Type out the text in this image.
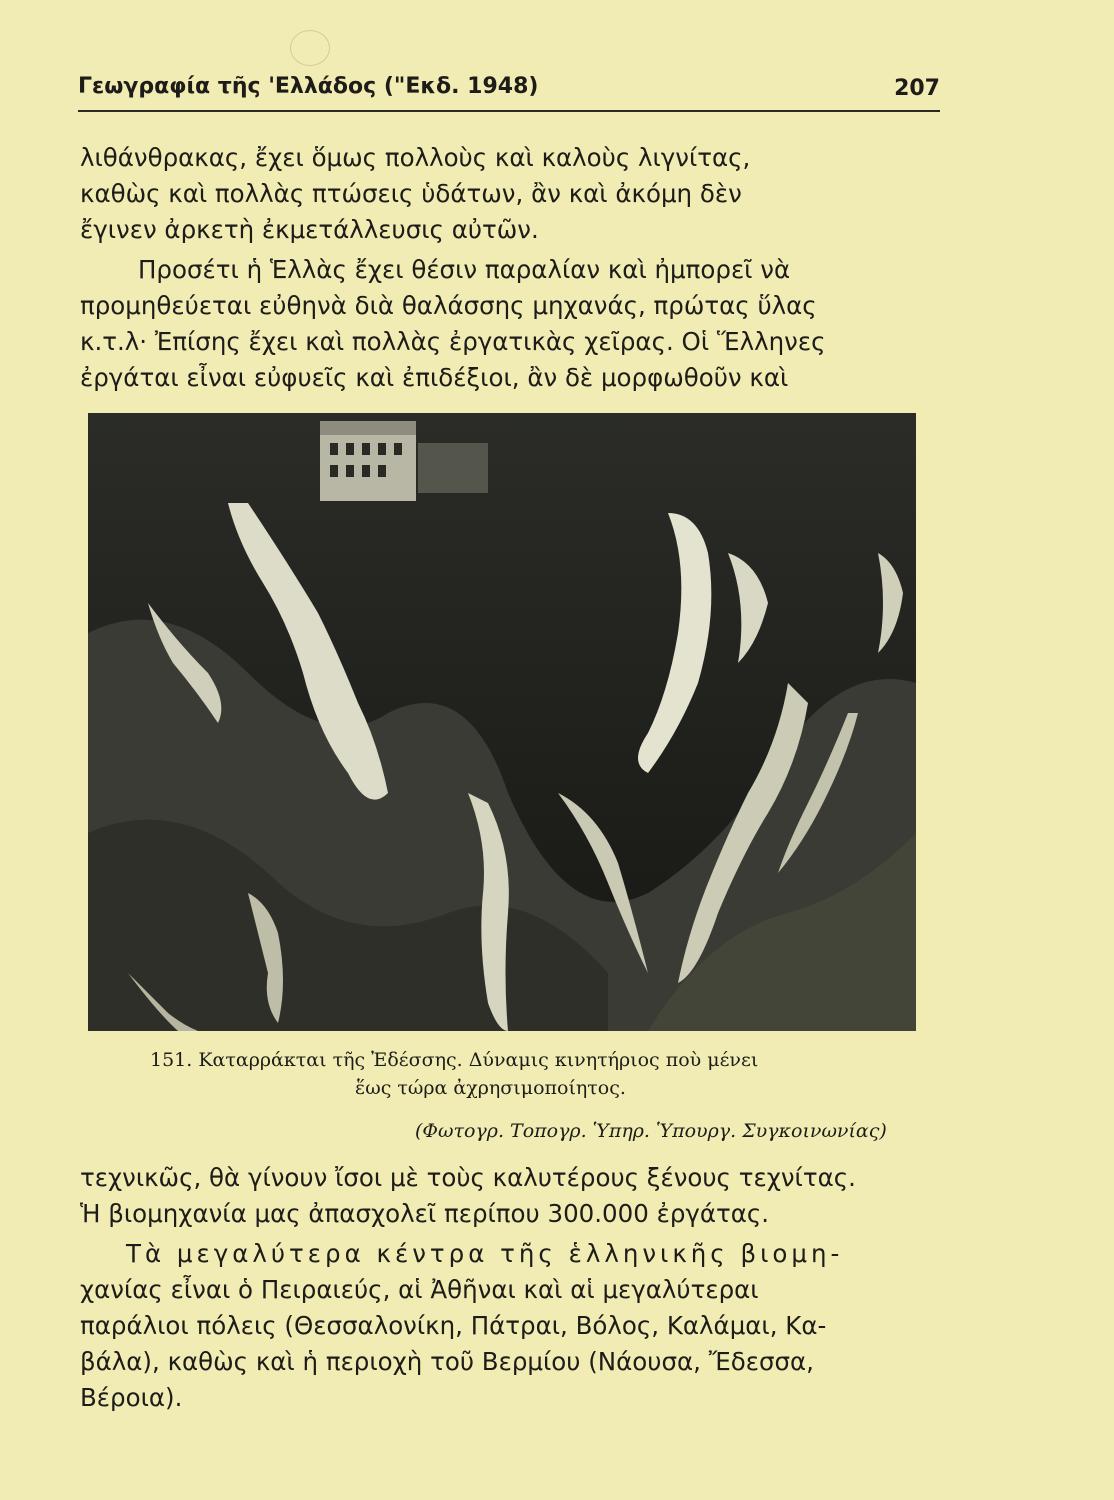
Γεωγραφία τῆς 'Ελλάδος ("Εκδ. 1948)	207

λιθάνθρακας, ἔχει ὅμως πολλοὺς καὶ καλοὺς λιγνίτας,
καθὼς καὶ πολλὰς πτώσεις ὑδάτων, ἂν καὶ ἀκόμη δὲν
ἔγινεν ἀρκετὴ ἐκμετάλλευσις αὐτῶν.

Προσέτι ἡ Ἑλλὰς ἔχει θέσιν παραλίαν καὶ ἠμπορεῖ νὰ
προμηθεύεται εὐθηνὰ διὰ θαλάσσης μηχανάς, πρώτας ὕλας
κ.τ.λ· Ἐπίσης ἔχει καὶ πολλὰς ἐργατικὰς χεῖρας. Οἱ Ἕλληνες
ἐργάται εἶναι εὐφυεῖς καὶ ἐπιδέξιοι, ἂν δὲ μορφωθοῦν καὶ

151. Καταρράκται τῆς Ἐδέσσης. Δύναμις κινητήριος ποὺ μένει
ἕως τώρα ἀχρησιμοποίητος.
(Φωτογρ. Τοπογρ. Ὑπηρ. Ὑπουργ. Συγκοινωνίας)

τεχνικῶς, θὰ γίνουν ἴσοι μὲ τοὺς καλυτέρους ξένους τεχνίτας.
Ἡ βιομηχανία μας ἀπασχολεῖ περίπου 300.000 ἐργάτας.

Τὰ μεγαλύτερα κέντρα τῆς ἑλληνικῆς βιομη-
χανίας εἶναι ὁ Πειραιεύς, αἱ Ἀθῆναι καὶ αἱ μεγαλύτεραι
παράλιοι πόλεις (Θεσσαλονίκη, Πάτραι, Βόλος, Καλάμαι, Κα-
βάλα), καθὼς καὶ ἡ περιοχὴ τοῦ Βερμίου (Νάουσα, Ἔδεσσα,
Βέροια).
